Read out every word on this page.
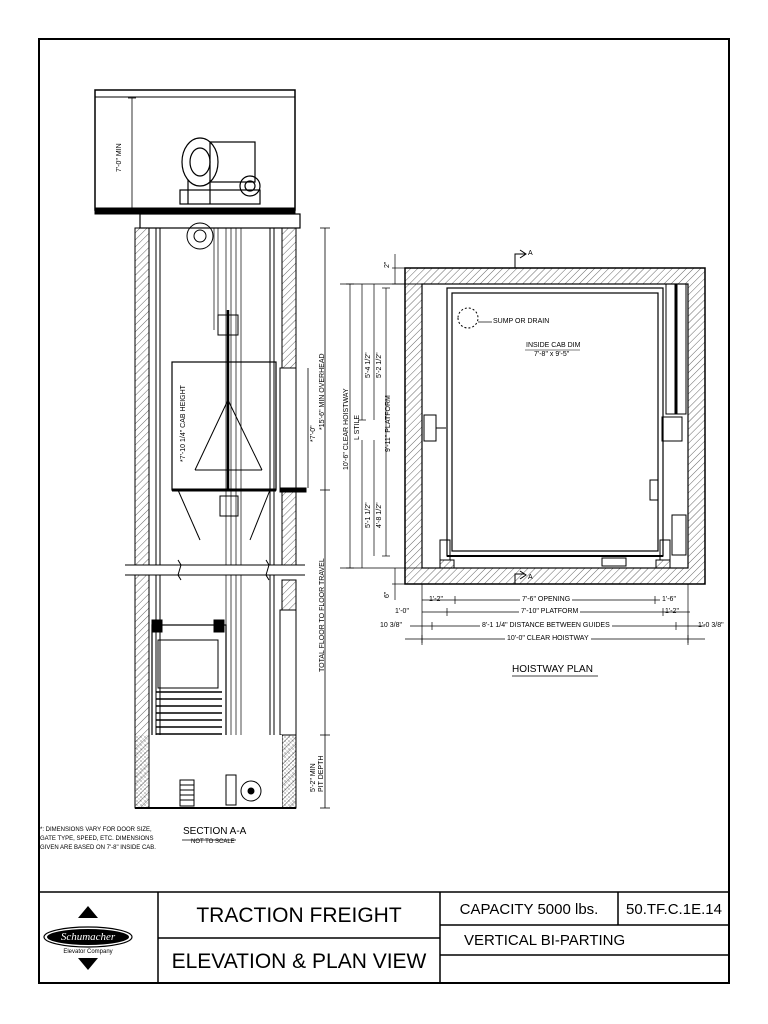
7'-0" MIN
*15'-6" MIN OVERHEAD
*7'-10 1/4" CAB HEIGHT	*7'-0"
TOTAL FLOOR TO FLOOR TRAVEL
5'-2" MIN PIT DEPTH
SECTION A-A
NOT TO SCALE
*: DIMENSIONS VARY FOR DOOR SIZE,
GATE TYPE, SPEED, ETC. DIMENSIONS
GIVEN ARE BASED ON 7'-8" INSIDE CAB.
A
A
2"
6"
10'-6" CLEAR HOISTWAY L STILE	9'-11" PLATFORM
5'-4 1/2" 5'-2 1/2"
5'-1 1/2" 4'-8 1/2"
SUMP OR DRAIN
INSIDE CAB DIM
7'-8" x 9'-5"
7'-6" OPENING
7'-10" PLATFORM
8'-1 1/4" DISTANCE BETWEEN GUIDES
10'-0" CLEAR HOISTWAY
1'-2"
1'-0"
10 3/8"
1'-6"
1'-2"
1'-0 3/8"
HOISTWAY PLAN
Schumacher
Elevator Company
TRACTION FREIGHT
ELEVATION & PLAN VIEW
CAPACITY 5000 lbs.	50.TF.C.1E.14
VERTICAL BI-PARTING
